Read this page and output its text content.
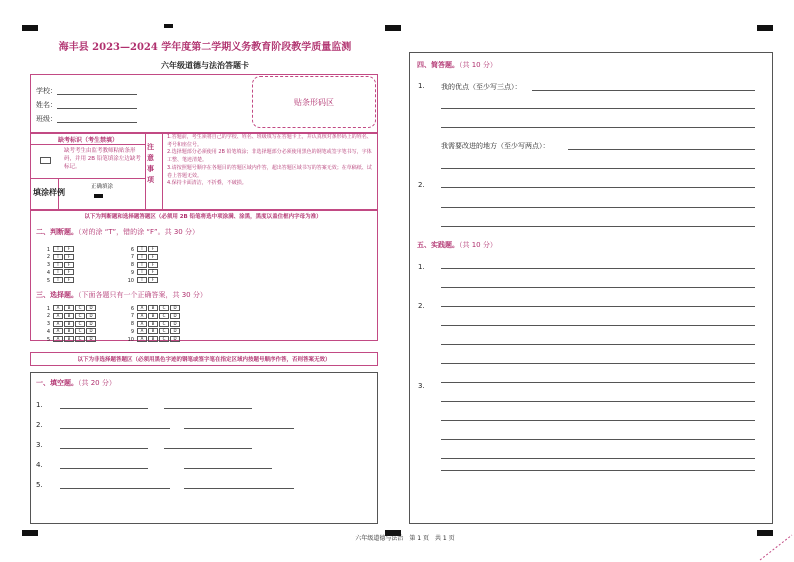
海丰县 2023—2024 学年度第二学期义务教育阶段教学质量监测
六年级道德与法治答题卡
学校：
姓名：
班级：
贴条形码区
缺考标识（考生禁填）
缺考考生由监考教师粘贴条形码，并用 2B 铅笔填涂左边缺考标记。
填涂样例
正确填涂
注意事项
1.答题前，考生须将自己的学校、姓名、班级填写在答题卡上，并认真核对条形码上的姓名、考号和座位号。
2.选择题部分必须使用 2B 铅笔填涂；非选择题部分必须使用黑色的钢笔或签字笔书写，字体工整、笔迹清楚。
3.请按照题号顺序在各题目的答题区域内作答，超出答题区域书写的答案无效；在草稿纸、试卷上答题无效。
4.保持卡面清洁，不折叠，不破损。
以下为判断题和选择题答题区（必须用 2B 铅笔将选中项涂满、涂黑，黑度以盖住框内字母为准）
二、判断题。（对的涂 “T”，错的涂 “F”。共 30 分）
1 T F
2 T F
3 T F
4 T F
5 T F
6 T F
7 T F
8 T F
9 T F
10 T F
三、选择题。（下面各题只有一个正确答案，共 30 分）
1 A B C D
2 A B C D
3 A B C D
4 A B C D
5 A B C D
6 A B C D
7 A B C D
8 A B C D
9 A B C D
10 A B C D
以下为非选择题答题区（必须用黑色字迹的钢笔或签字笔在指定区域内按题号顺序作答，否则答案无效）
一、填空题。（共 20 分）
1.
2.
3.
4.
5.
四、简答题。（共 10 分）
1. 我的优点（至少写三点）：
我需要改进的地方（至少写两点）：
2.
五、实践题。（共 10 分）
1.
2.
3.
六年级道德与法治　第 1 页　共 1 页
